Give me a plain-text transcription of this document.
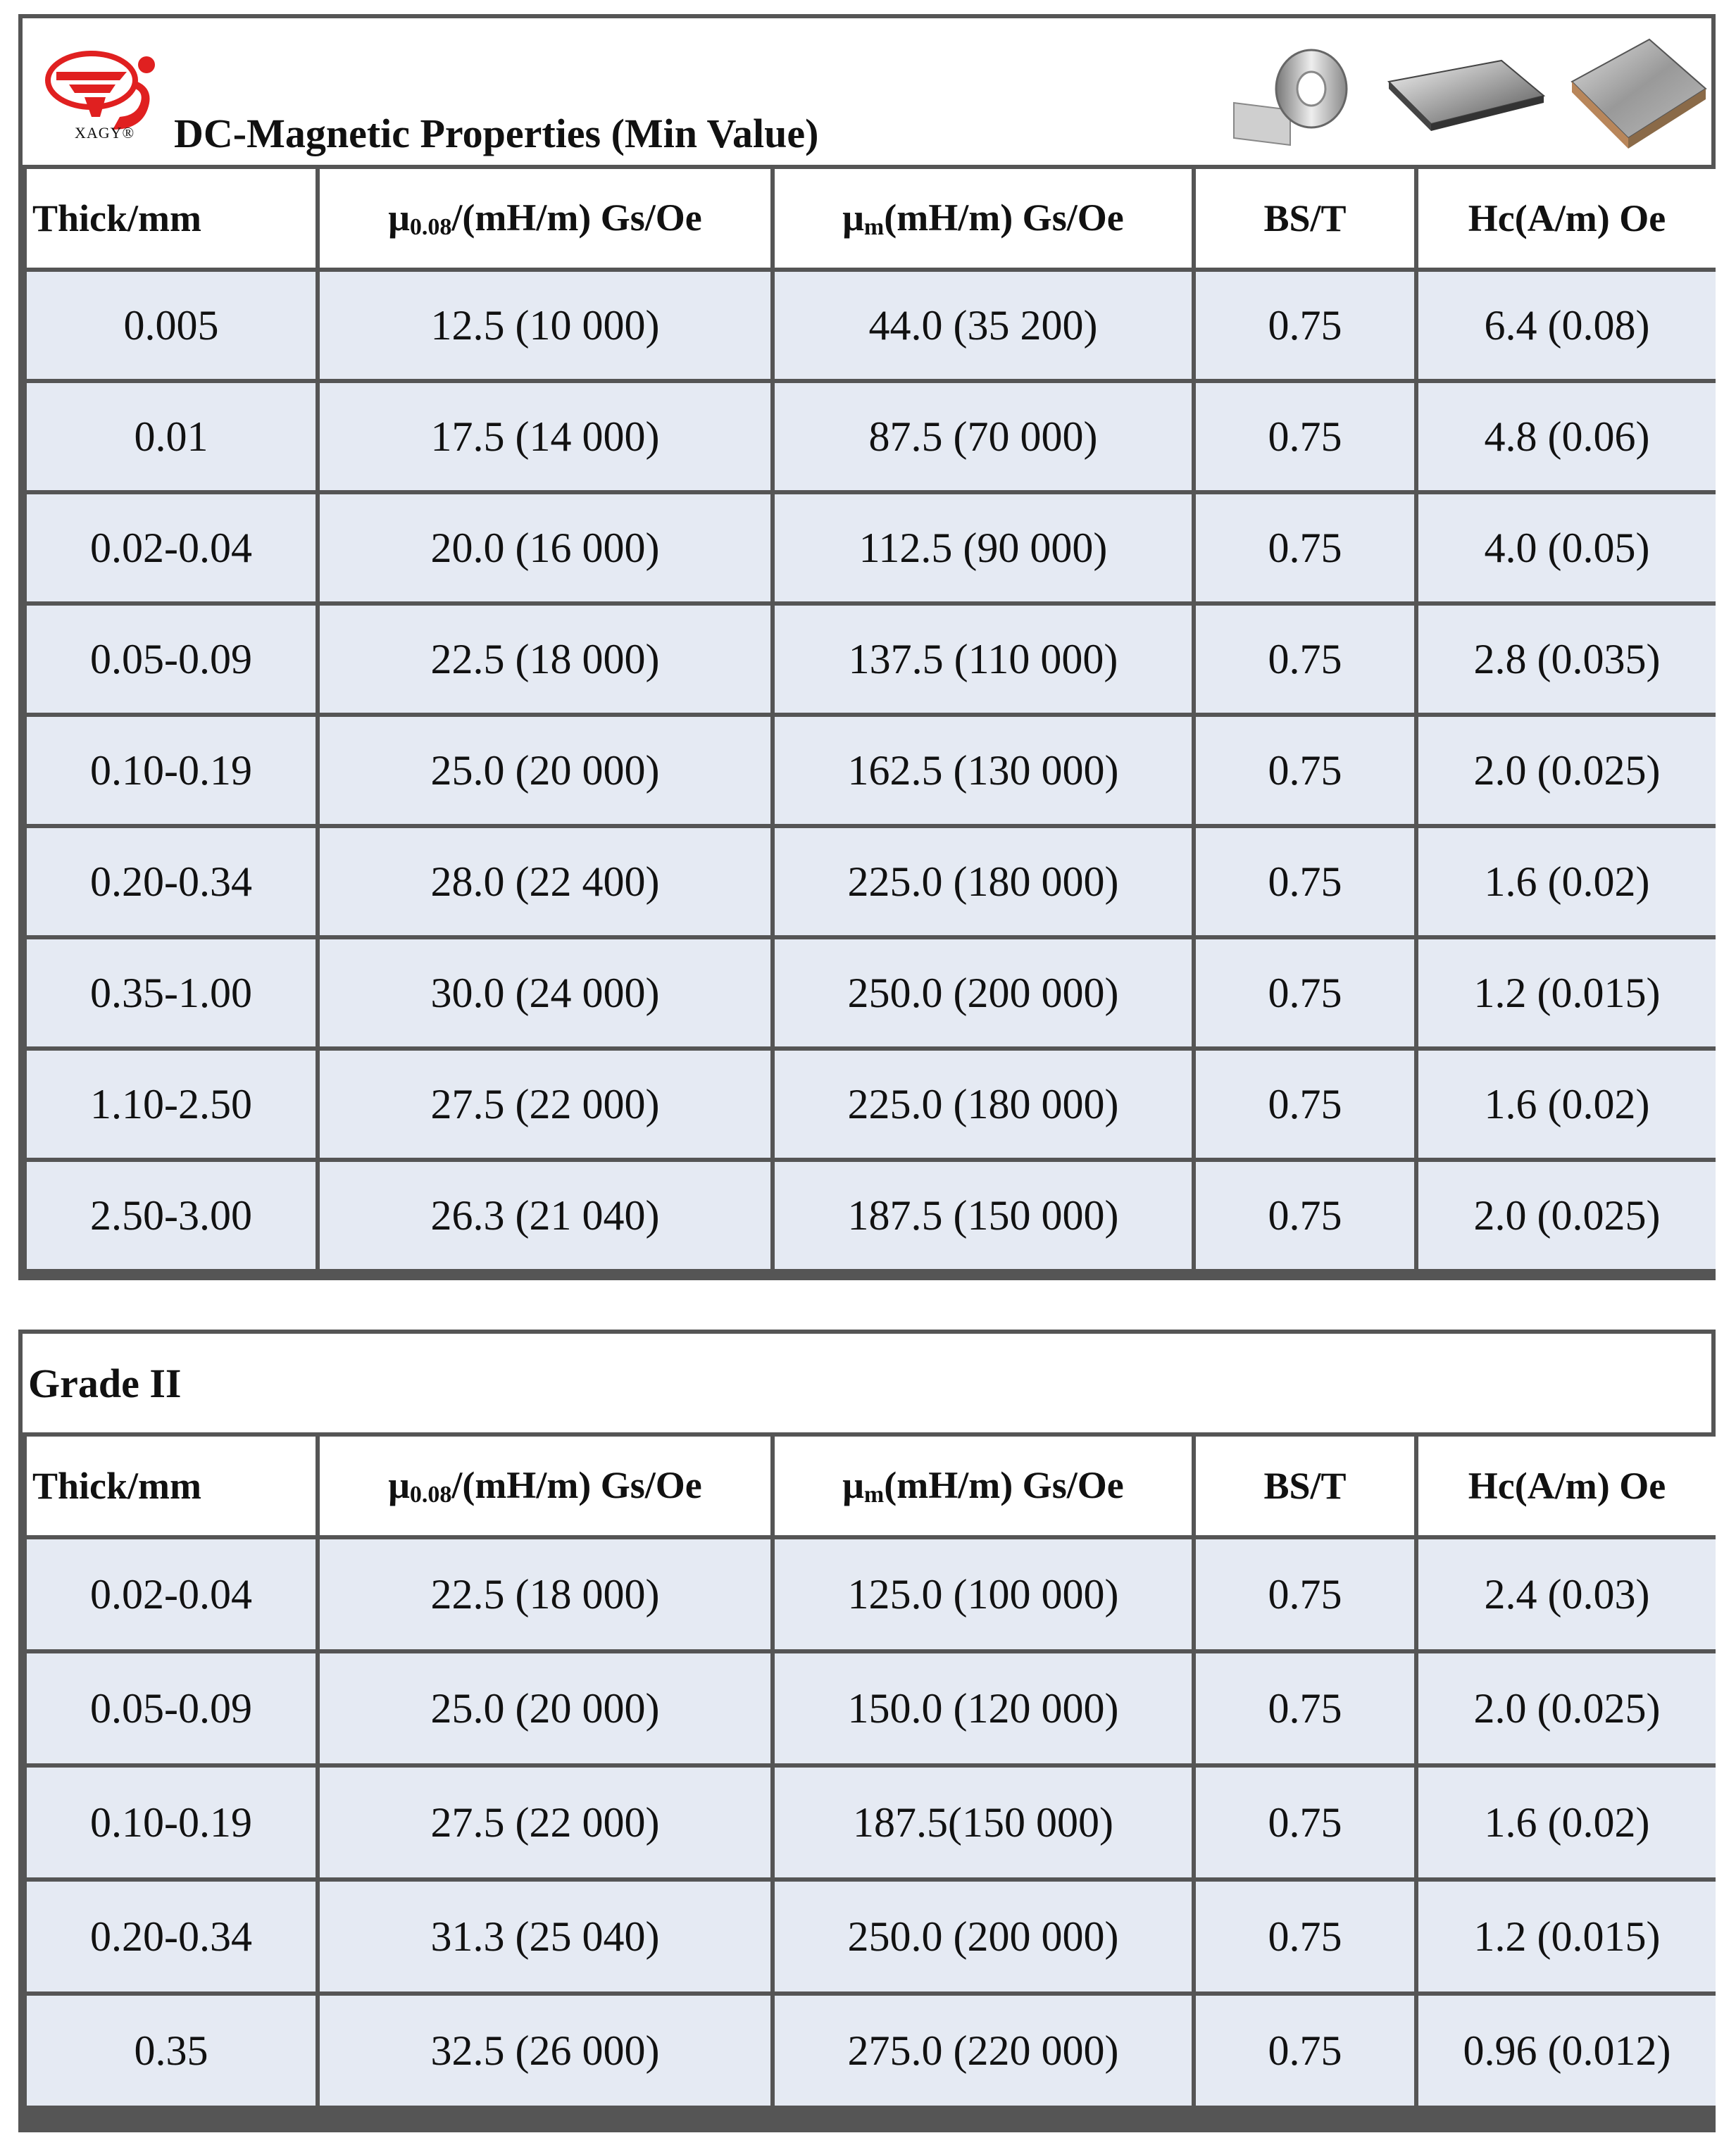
XAGY® DC-Magnetic Properties (Min Value)
Thick/mm	$\mu_{0.08}/(mH/m)$ Gs/Oe	$\mu_m(mH/m)$ Gs/Oe	BS/T	Hc(A/m) Oe
0.005	12.5 (10 000)	44.0 (35 200)	0.75	6.4 (0.08)
0.01	17.5 (14 000)	87.5 (70 000)	0.75	4.8 (0.06)
0.02-0.04	20.0 (16 000)	112.5 (90 000)	0.75	4.0 (0.05)
0.05-0.09	22.5 (18 000)	137.5 (110 000)	0.75	2.8 (0.035)
0.10-0.19	25.0 (20 000)	162.5 (130 000)	0.75	2.0 (0.025)
0.20-0.34	28.0 (22 400)	225.0 (180 000)	0.75	1.6 (0.02)
0.35-1.00	30.0 (24 000)	250.0 (200 000)	0.75	1.2 (0.015)
1.10-2.50	27.5 (22 000)	225.0 (180 000)	0.75	1.6 (0.02)
2.50-3.00	26.3 (21 040)	187.5 (150 000)	0.75	2.0 (0.025)
Grade II
Thick/mm	$\mu_{0.08}/(mH/m)$ Gs/Oe	$\mu_m(mH/m)$ Gs/Oe	BS/T	Hc(A/m) Oe
0.02-0.04	22.5 (18 000)	125.0 (100 000)	0.75	2.4 (0.03)
0.05-0.09	25.0 (20 000)	150.0 (120 000)	0.75	2.0 (0.025)
0.10-0.19	27.5 (22 000)	187.5(150 000)	0.75	1.6 (0.02)
0.20-0.34	31.3 (25 040)	250.0 (200 000)	0.75	1.2 (0.015)
0.35	32.5 (26 000)	275.0 (220 000)	0.75	0.96 (0.012)
